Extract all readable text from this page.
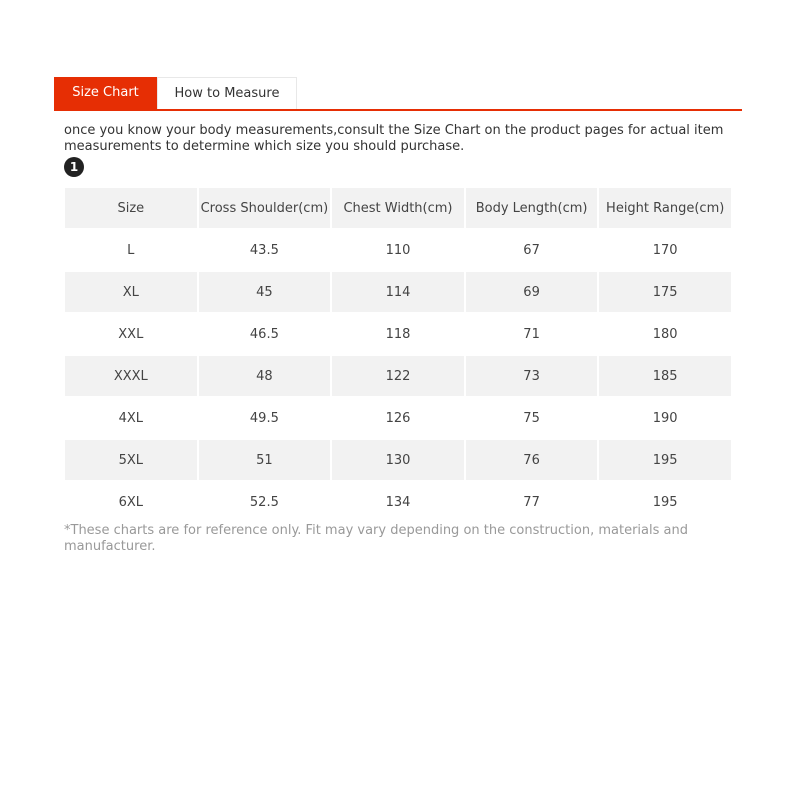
Size Chart	How to Measure
once you know your body measurements,consult the Size Chart on the product pages for actual item measurements to determine which size you should purchase.
1
Size	Cross Shoulder(cm)	Chest Width(cm)	Body Length(cm)	Height Range(cm)
L	43.5	110	67	170
XL	45	114	69	175
XXL	46.5	118	71	180
XXXL	48	122	73	185
4XL	49.5	126	75	190
5XL	51	130	76	195
6XL	52.5	134	77	195
*These charts are for reference only. Fit may vary depending on the construction, materials and manufacturer.
